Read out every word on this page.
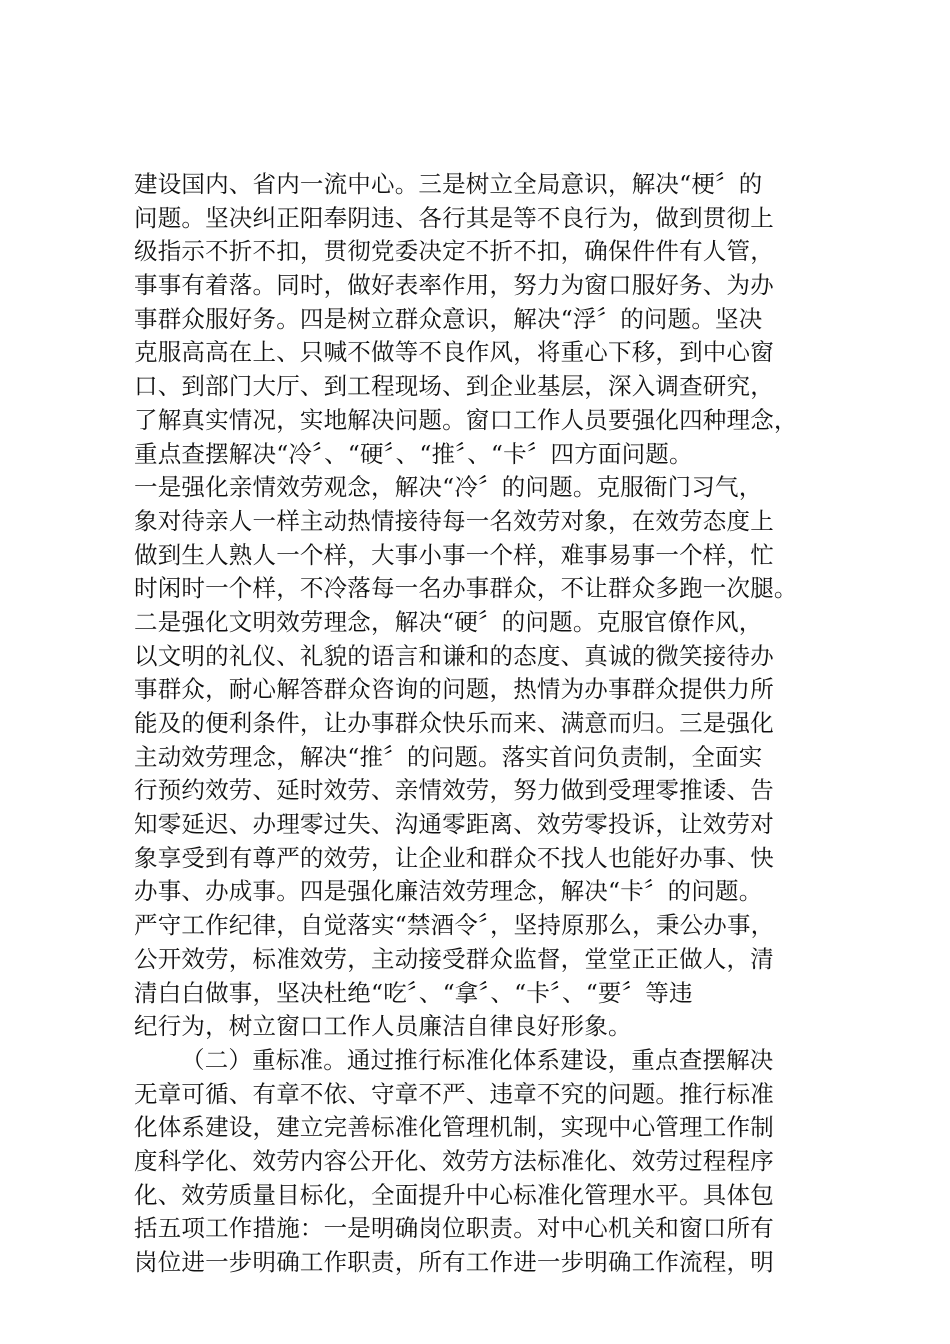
建设国内、省内一流中心。三是树立全局意识，解决“梗〞的
问题。坚决纠正阳奉阴违、各行其是等不良行为，做到贯彻上
级指示不折不扣，贯彻党委决定不折不扣，确保件件有人管，
事事有着落。同时，做好表率作用，努力为窗口服好务、为办
事群众服好务。四是树立群众意识，解决“浮〞的问题。坚决
克服高高在上、只喊不做等不良作风，将重心下移，到中心窗
口、到部门大厅、到工程现场、到企业基层，深入调查研究，
了解真实情况，实地解决问题。窗口工作人员要强化四种理念，
重点查摆解决“冷〞、“硬〞、“推〞、“卡〞四方面问题。
一是强化亲情效劳观念，解决“冷〞的问题。克服衙门习气，
象对待亲人一样主动热情接待每一名效劳对象，在效劳态度上
做到生人熟人一个样，大事小事一个样，难事易事一个样，忙
时闲时一个样，不冷落每一名办事群众，不让群众多跑一次腿。
二是强化文明效劳理念，解决“硬〞的问题。克服官僚作风，
以文明的礼仪、礼貌的语言和谦和的态度、真诚的微笑接待办
事群众，耐心解答群众咨询的问题，热情为办事群众提供力所
能及的便利条件，让办事群众快乐而来、满意而归。三是强化
主动效劳理念，解决“推〞的问题。落实首问负责制，全面实
行预约效劳、延时效劳、亲情效劳，努力做到受理零推诿、告
知零延迟、办理零过失、沟通零距离、效劳零投诉，让效劳对
象享受到有尊严的效劳，让企业和群众不找人也能好办事、快
办事、办成事。四是强化廉洁效劳理念，解决“卡〞的问题。
严守工作纪律，自觉落实“禁酒令〞，坚持原那么，秉公办事，
公开效劳，标准效劳，主动接受群众监督，堂堂正正做人，清
清白白做事，坚决杜绝“吃〞、“拿〞、“卡〞、“要〞等违
纪行为，树立窗口工作人员廉洁自律良好形象。
（二）重标准。通过推行标准化体系建设，重点查摆解决
无章可循、有章不依、守章不严、违章不究的问题。推行标准
化体系建设，建立完善标准化管理机制，实现中心管理工作制
度科学化、效劳内容公开化、效劳方法标准化、效劳过程程序
化、效劳质量目标化，全面提升中心标准化管理水平。具体包
括五项工作措施：一是明确岗位职责。对中心机关和窗口所有
岗位进一步明确工作职责，所有工作进一步明确工作流程，明
